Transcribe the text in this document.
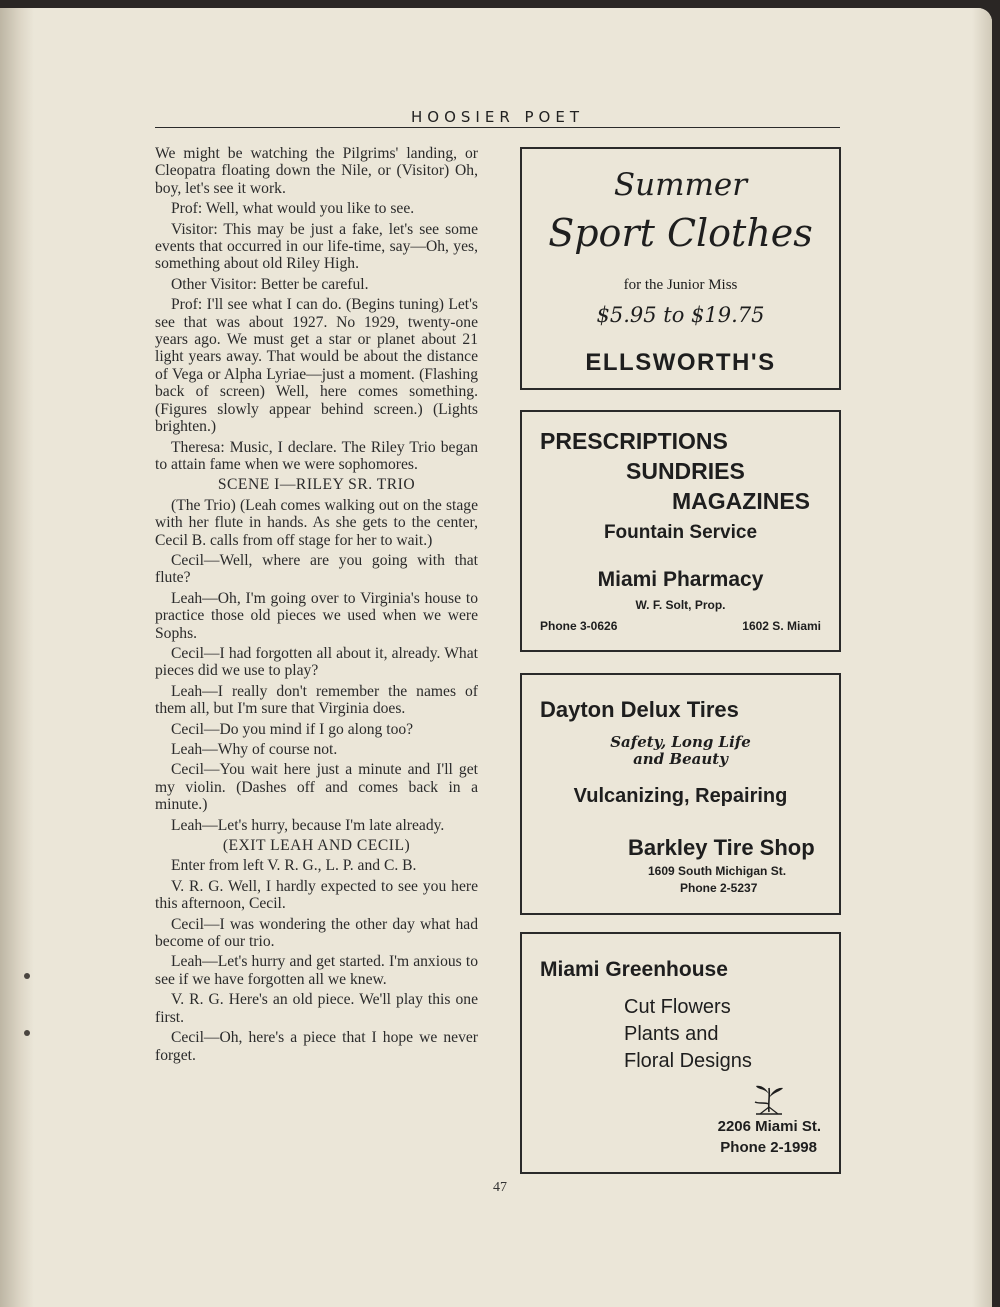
HOOSIER POET

We might be watching the Pilgrims' landing, or Cleopatra floating down the Nile, or (Visitor) Oh, boy, let's see it work.

Prof: Well, what would you like to see.

Visitor: This may be just a fake, let's see some events that occurred in our life-time, say—Oh, yes, something about old Riley High.

Other Visitor: Better be careful.

Prof: I'll see what I can do. (Begins tuning) Let's see that was about 1927. No 1929, twenty-one years ago. We must get a star or planet about 21 light years away. That would be about the distance of Vega or Alpha Lyriae—just a moment. (Flashing back of screen) Well, here comes something. (Figures slowly appear behind screen.) (Lights brighten.)

Theresa: Music, I declare. The Riley Trio began to attain fame when we were sophomores.

SCENE I—RILEY SR. TRIO

(The Trio) (Leah comes walking out on the stage with her flute in hands. As she gets to the center, Cecil B. calls from off stage for her to wait.)

Cecil—Well, where are you going with that flute?

Leah—Oh, I'm going over to Virginia's house to practice those old pieces we used when we were Sophs.

Cecil—I had forgotten all about it, already. What pieces did we use to play?

Leah—I really don't remember the names of them all, but I'm sure that Virginia does.

Cecil—Do you mind if I go along too?

Leah—Why of course not.

Cecil—You wait here just a minute and I'll get my violin. (Dashes off and comes back in a minute.)

Leah—Let's hurry, because I'm late already.

(EXIT LEAH AND CECIL)

Enter from left V. R. G., L. P. and C. B.

V. R. G. Well, I hardly expected to see you here this afternoon, Cecil.

Cecil—I was wondering the other day what had become of our trio.

Leah—Let's hurry and get started. I'm anxious to see if we have forgotten all we knew.

V. R. G. Here's an old piece. We'll play this one first.

Cecil—Oh, here's a piece that I hope we never forget.

47
Summer
Sport Clothes
for the Junior Miss
$5.95 to $19.75
ELLSWORTH'S
PRESCRIPTIONS
SUNDRIES
MAGAZINES
Fountain Service
Miami Pharmacy
W. F. Solt, Prop.
Phone 3-0626	1602 S. Miami
Dayton Delux Tires
Safety, Long Life
and Beauty
Vulcanizing, Repairing
Barkley Tire Shop
1609 South Michigan St.
Phone 2-5237
Miami Greenhouse
Cut Flowers
Plants and
Floral Designs
2206 Miami St.
Phone 2-1998
